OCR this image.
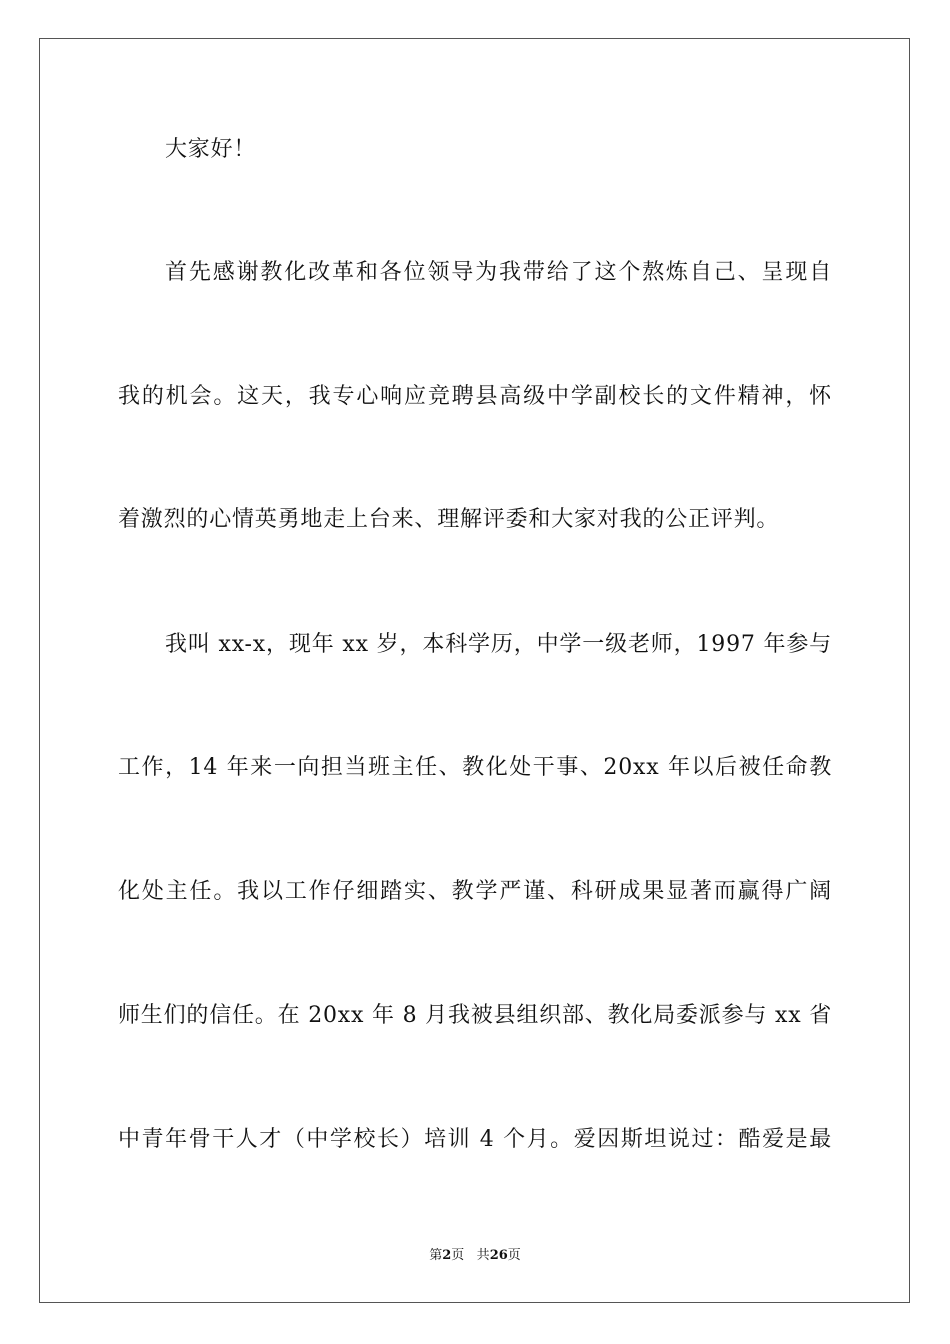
大家好！
首先感谢教化改革和各位领导为我带给了这个熬炼自己、呈现自
我的机会。这天，我专心响应竞聘县高级中学副校长的文件精神，怀
着激烈的心情英勇地走上台来、理解评委和大家对我的公正评判。
我叫 xx-x，现年 xx 岁，本科学历，中学一级老师，1997 年参与
工作，14 年来一向担当班主任、教化处干事、20xx 年以后被任命教
化处主任。我以工作仔细踏实、教学严谨、科研成果显著而赢得广阔
师生们的信任。在 20xx 年 8 月我被县组织部、教化局委派参与 xx 省
中青年骨干人才（中学校长）培训 4 个月。爱因斯坦说过：酷爱是最
第2页 共26页
